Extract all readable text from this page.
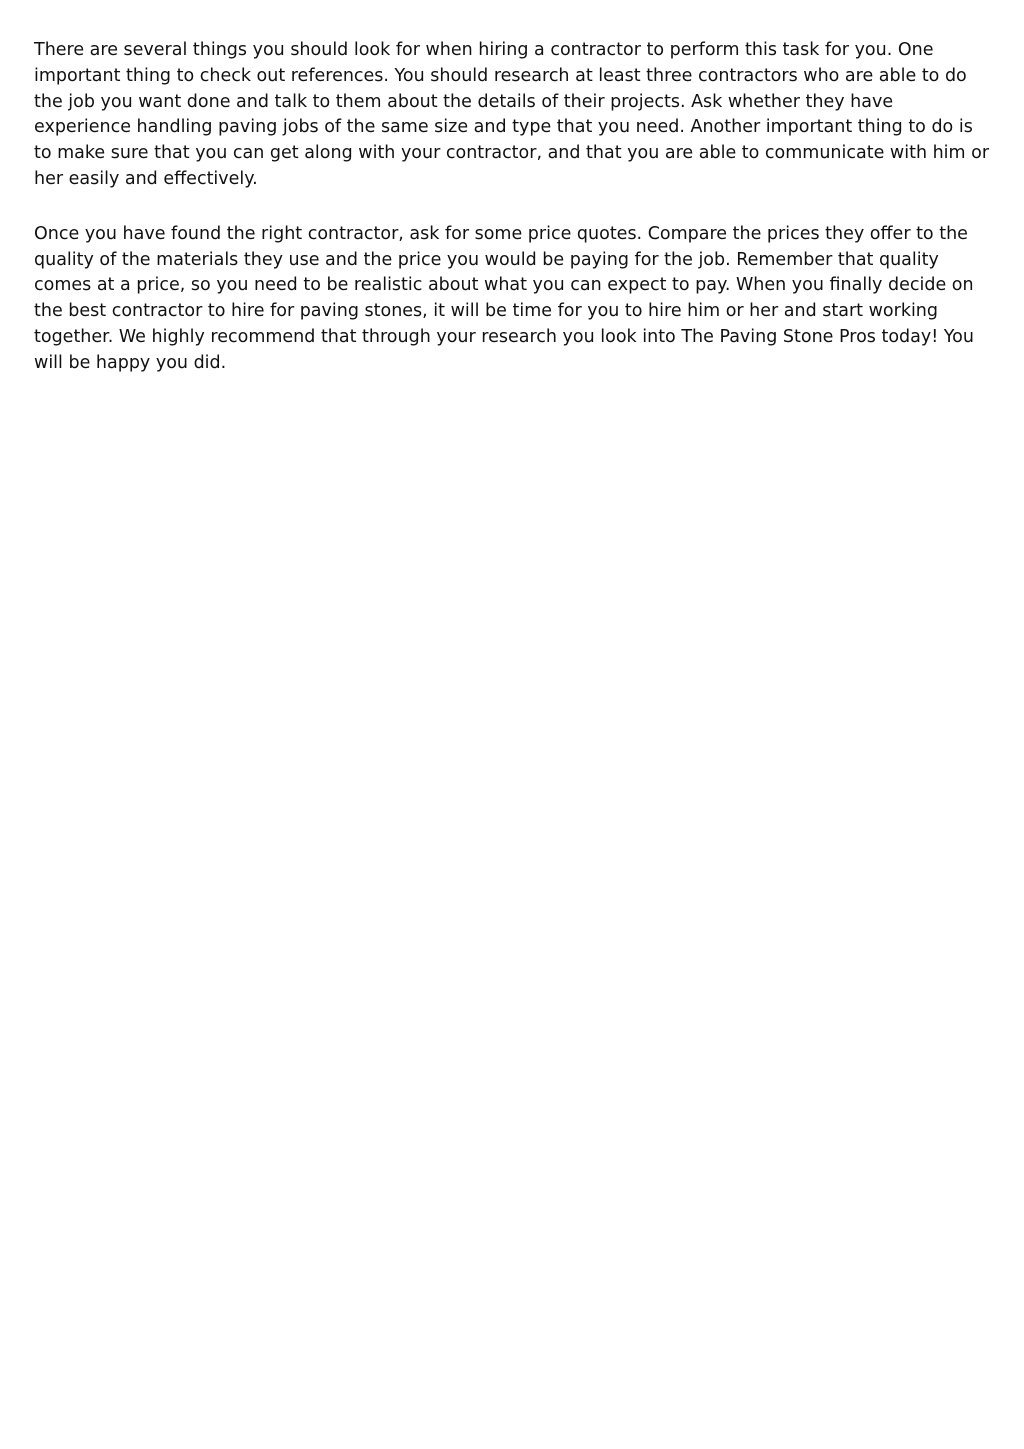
There are several things you should look for when hiring a contractor to perform this task for you. One important thing to check out references. You should research at least three contractors who are able to do the job you want done and talk to them about the details of their projects. Ask whether they have experience handling paving jobs of the same size and type that you need. Another important thing to do is to make sure that you can get along with your contractor, and that you are able to communicate with him or her easily and effectively.

Once you have found the right contractor, ask for some price quotes. Compare the prices they offer to the quality of the materials they use and the price you would be paying for the job. Remember that quality comes at a price, so you need to be realistic about what you can expect to pay. When you finally decide on the best contractor to hire for paving stones, it will be time for you to hire him or her and start working together. We highly recommend that through your research you look into The Paving Stone Pros today! You will be happy you did.
